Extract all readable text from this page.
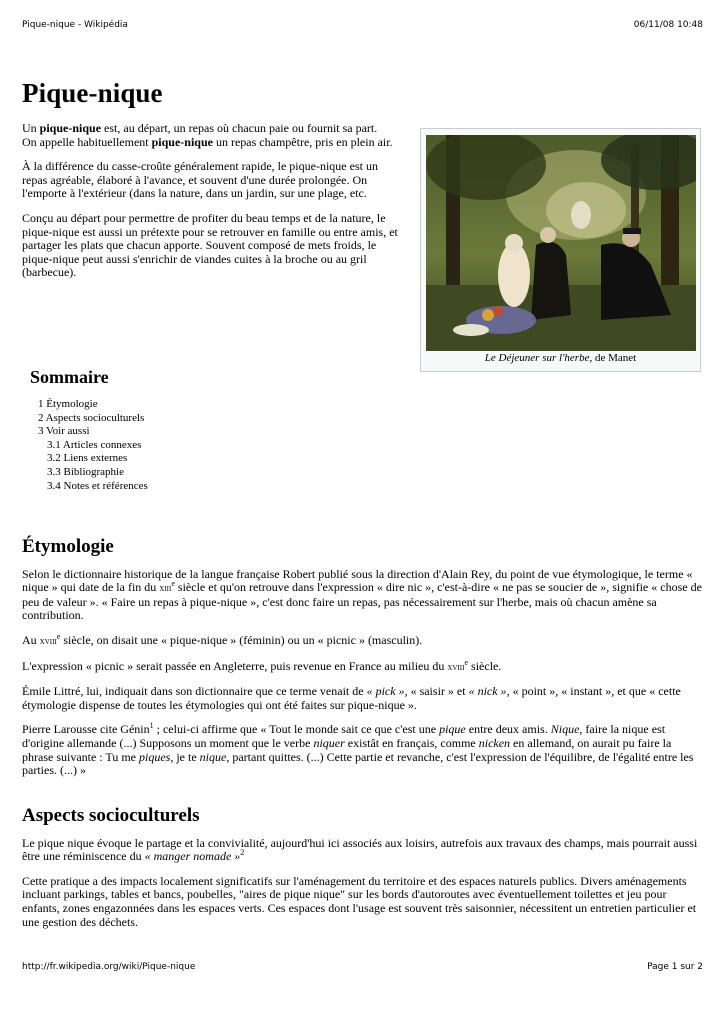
Pique-nique - Wikipédia	06/11/08 10:48
Pique-nique

Un pique-nique est, au départ, un repas où chacun paie ou fournit sa part.
On appelle habituellement pique-nique un repas champêtre, pris en plein air.

À la différence du casse-croûte généralement rapide, le pique-nique est un repas agréable, élaboré à l'avance, et souvent d'une durée prolongée. On l'emporte à l'extérieur (dans la nature, dans un jardin, sur une plage, etc.

Conçu au départ pour permettre de profiter du beau temps et de la nature, le pique-nique est aussi un prétexte pour se retrouver en famille ou entre amis, et partager les plats que chacun apporte. Souvent composé de mets froids, le pique-nique peut aussi s'enrichir de viandes cuites à la broche ou au gril (barbecue).

Le Déjeuner sur l'herbe, de Manet
Sommaire
1 Étymologie
2 Aspects socioculturels
3 Voir aussi
3.1 Articles connexes
3.2 Liens externes
3.3 Bibliographie
3.4 Notes et références
Étymologie

Selon le dictionnaire historique de la langue française Robert publié sous la direction d'Alain Rey, du point de vue étymologique, le terme « nique » qui date de la fin du xiii$^e$ siècle et qu'on retrouve dans l'expression « dire nic », c'est-à-dire « ne pas se soucier de », signifie « chose de peu de valeur ». « Faire un repas à pique-nique », c'est donc faire un repas, pas nécessairement sur l'herbe, mais où chacun amène sa contribution.

Au xviii$^e$ siècle, on disait une « pique-nique » (féminin) ou un « picnic » (masculin).

L'expression « picnic » serait passée en Angleterre, puis revenue en France au milieu du xviii$^e$ siècle.

Émile Littré, lui, indiquait dans son dictionnaire que ce terme venait de « pick », « saisir » et « nick », « point », « instant », et que « cette étymologie dispense de toutes les étymologies qui ont été faites sur pique-nique ».

Pierre Larousse cite Génin$^1$ ; celui-ci affirme que « Tout le monde sait ce que c'est une pique entre deux amis. Nique, faire la nique est d'origine allemande (...) Supposons un moment que le verbe niquer existât en français, comme nicken en allemand, on aurait pu faire la phrase suivante : Tu me piques, je te nique, partant quittes. (...) Cette partie et revanche, c'est l'expression de l'équilibre, de l'égalité entre les parties. (...) »

Aspects socioculturels

Le pique nique évoque le partage et la convivialité, aujourd'hui ici associés aux loisirs, autrefois aux travaux des champs, mais pourrait aussi être une réminiscence du « manger nomade »$^2$

Cette pratique a des impacts localement significatifs sur l'aménagement du territoire et des espaces naturels publics. Divers aménagements incluant parkings, tables et bancs, poubelles, "aires de pique nique" sur les bords d'autoroutes avec éventuellement toilettes et jeu pour enfants, zones engazonnées dans les espaces verts. Ces espaces dont l'usage est souvent très saisonnier, nécessitent un entretien particulier et une gestion des déchets.

http://fr.wikipedia.org/wiki/Pique-nique	Page 1 sur 2
